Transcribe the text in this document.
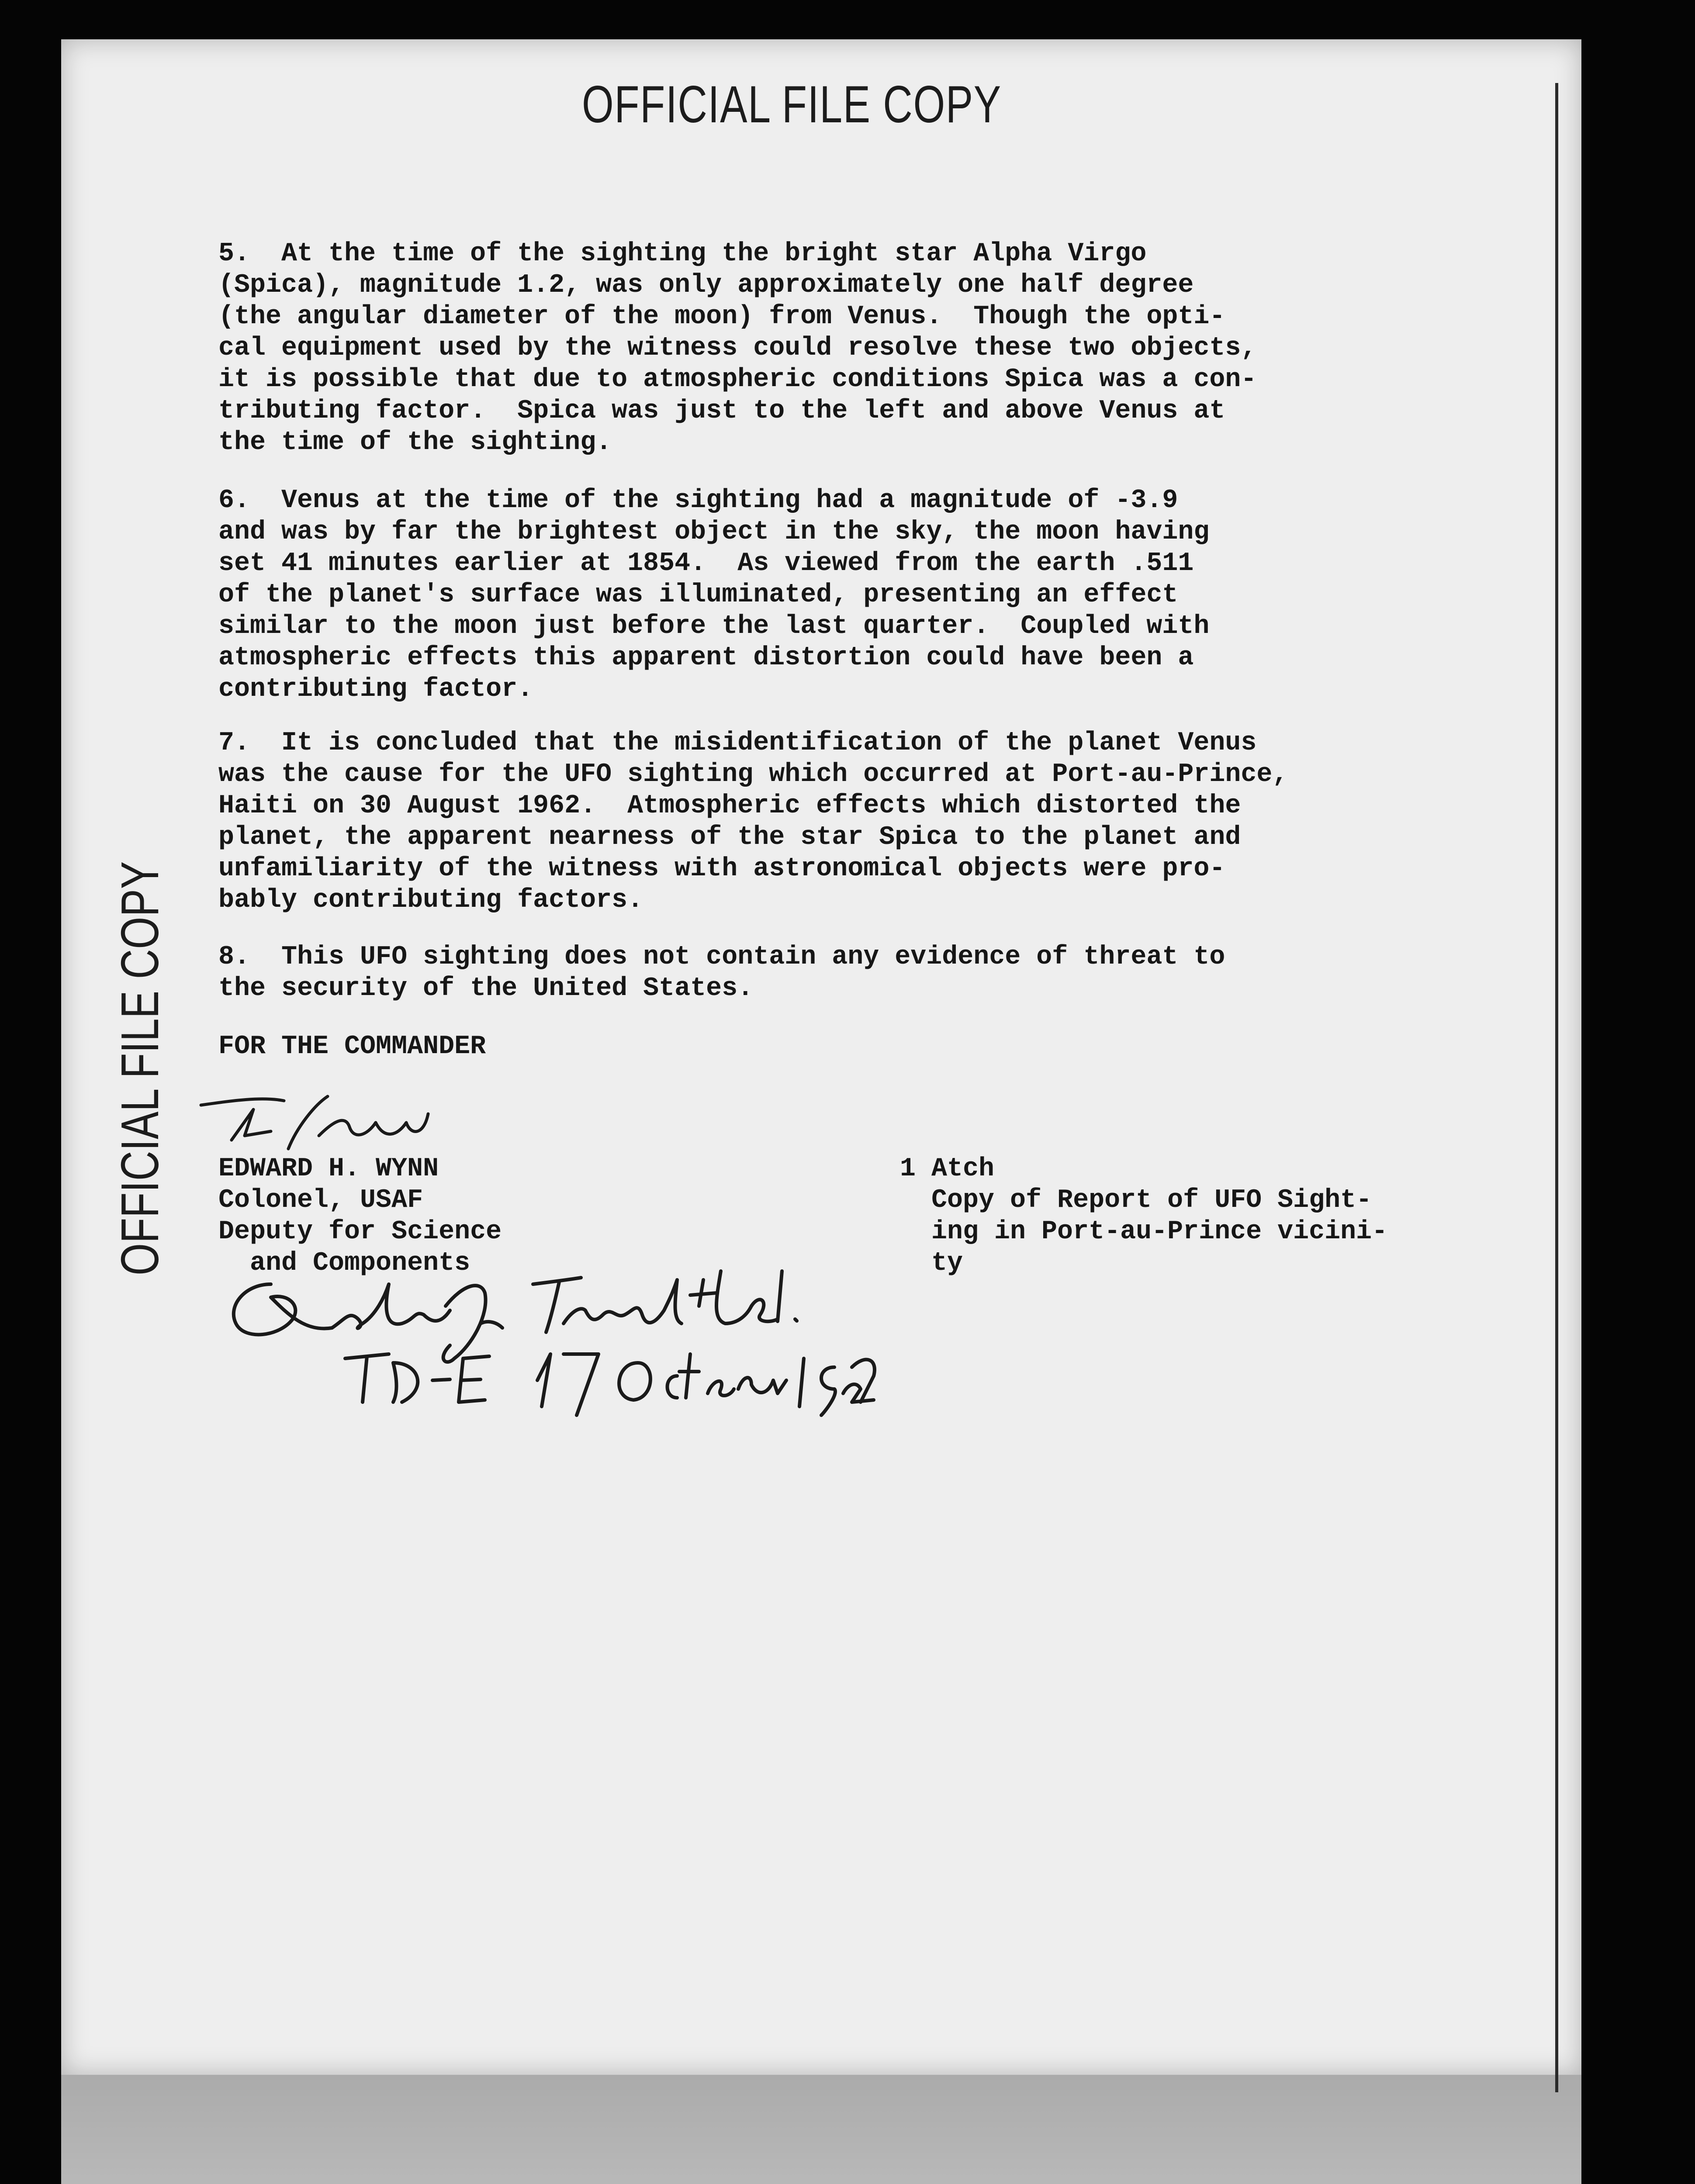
OFFICIAL FILE COPY
OFFICIAL FILE COPY
5.  At the time of the sighting the bright star Alpha Virgo
(Spica), magnitude 1.2, was only approximately one half degree
(the angular diameter of the moon) from Venus.  Though the opti-
cal equipment used by the witness could resolve these two objects,
it is possible that due to atmospheric conditions Spica was a con-
tributing factor.  Spica was just to the left and above Venus at
the time of the sighting.
6.  Venus at the time of the sighting had a magnitude of -3.9
and was by far the brightest object in the sky, the moon having
set 41 minutes earlier at 1854.  As viewed from the earth .511
of the planet's surface was illuminated, presenting an effect
similar to the moon just before the last quarter.  Coupled with
atmospheric effects this apparent distortion could have been a
contributing factor.
7.  It is concluded that the misidentification of the planet Venus
was the cause for the UFO sighting which occurred at Port-au-Prince,
Haiti on 30 August 1962.  Atmospheric effects which distorted the
planet, the apparent nearness of the star Spica to the planet and
unfamiliarity of the witness with astronomical objects were pro-
bably contributing factors.
8.  This UFO sighting does not contain any evidence of threat to
the security of the United States.
FOR THE COMMANDER
EDWARD H. WYNN
Colonel, USAF
Deputy for Science
and Components
1 Atch
Copy of Report of UFO Sight-
ing in Port-au-Prince vicini-
ty
